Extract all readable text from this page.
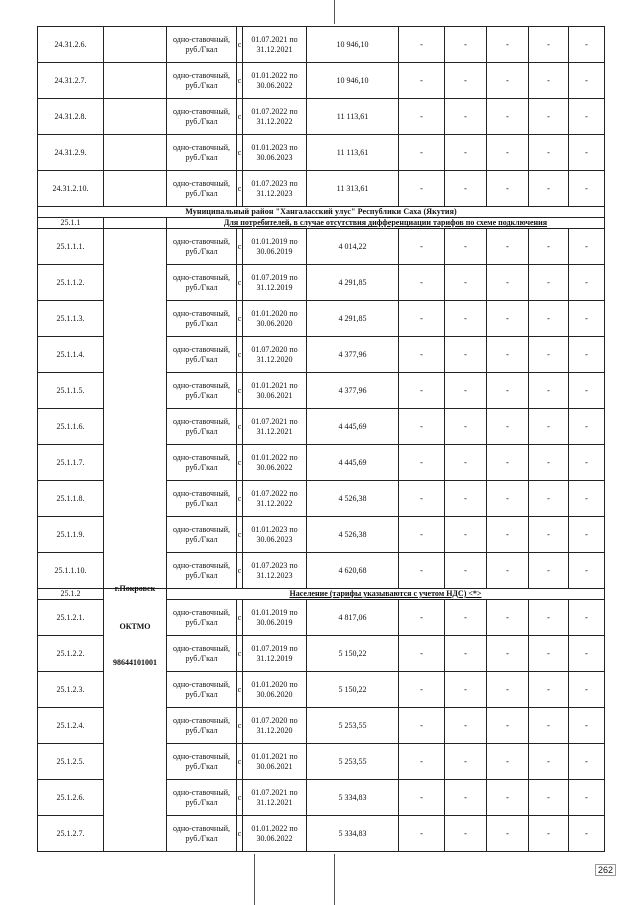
24.31.2.6.		одно-ставочный, руб./Гкал	с	01.07.2021 по 31.12.2021	10 946,10	-	-	-	-	-
24.31.2.7.		одно-ставочный, руб./Гкал	с	01.01.2022 по 30.06.2022	10 946,10	-	-	-	-	-
24.31.2.8.		одно-ставочный, руб./Гкал	с	01.07.2022 по 31.12.2022	11 113,61	-	-	-	-	-
24.31.2.9.		одно-ставочный, руб./Гкал	с	01.01.2023 по 30.06.2023	11 113,61	-	-	-	-	-
24.31.2.10.		одно-ставочный, руб./Гкал	с	01.07.2023 по 31.12.2023	11 313,61	-	-	-	-	-
Муниципальный район "Хангаласский улус" Республики Саха (Якутия)										
25.1.1		Для потребителей, в случае отсутствия дифференциации тарифов по схеме подключения								
25.1.1.1.		одно-ставочный, руб./Гкал	с	01.01.2019 по 30.06.2019	4 014,22	-	-	-	-	-
25.1.1.2.		одно-ставочный, руб./Гкал	с	01.07.2019 по 31.12.2019	4 291,85	-	-	-	-	-
25.1.1.3.		одно-ставочный, руб./Гкал	с	01.01.2020 по 30.06.2020	4 291,85	-	-	-	-	-
25.1.1.4.		одно-ставочный, руб./Гкал	с	01.07.2020 по 31.12.2020	4 377,96	-	-	-	-	-
25.1.1.5.		одно-ставочный, руб./Гкал	с	01.01.2021 по 30.06.2021	4 377,96	-	-	-	-	-
25.1.1.6.		одно-ставочный, руб./Гкал	с	01.07.2021 по 31.12.2021	4 445,69	-	-	-	-	-
25.1.1.7.		одно-ставочный, руб./Гкал	с	01.01.2022 по 30.06.2022	4 445,69	-	-	-	-	-
25.1.1.8.		одно-ставочный, руб./Гкал	с	01.07.2022 по 31.12.2022	4 526,38	-	-	-	-	-
25.1.1.9.		одно-ставочный, руб./Гкал	с	01.01.2023 по 30.06.2023	4 526,38	-	-	-	-	-
25.1.1.10.		одно-ставочный, руб./Гкал	с	01.07.2023 по 31.12.2023	4 620,68	-	-	-	-	-
25.1.2		Население (тарифы указываются с учетом НДС) <*>								
25.1.2.1.		одно-ставочный, руб./Гкал	с	01.01.2019 по 30.06.2019	4 817,06	-	-	-	-	-
25.1.2.2.		одно-ставочный, руб./Гкал	с	01.07.2019 по 31.12.2019	5 150,22	-	-	-	-	-
25.1.2.3.		одно-ставочный, руб./Гкал	с	01.01.2020 по 30.06.2020	5 150,22	-	-	-	-	-
25.1.2.4.		одно-ставочный, руб./Гкал	с	01.07.2020 по 31.12.2020	5 253,55	-	-	-	-	-
25.1.2.5.		одно-ставочный, руб./Гкал	с	01.01.2021 по 30.06.2021	5 253,55	-	-	-	-	-
25.1.2.6.		одно-ставочный, руб./Гкал	с	01.07.2021 по 31.12.2021	5 334,83	-	-	-	-	-
25.1.2.7.		одно-ставочный, руб./Гкал	с	01.01.2022 по 30.06.2022	5 334,83	-	-	-	-	-
г.Покровск
ОКТМО
98644101001
262
